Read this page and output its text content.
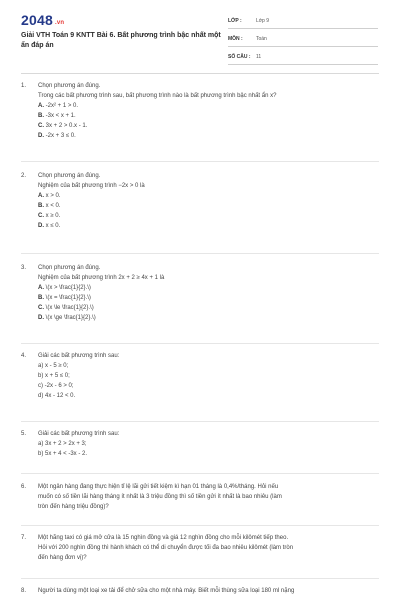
2048 .vn
Giải VTH Toán 9 KNTT Bài 6. Bất phương trình bậc nhất một ẩn đáp án
LỚP :	Lớp 9
MÔN :	Toán
SỐ CÂU : 11
1. Chọn phương án đúng.
Trong các bất phương trình sau, bất phương trình nào là bất phương trình bậc nhất ẩn x?
A. -2x² + 1 > 0.
B. -3x < x + 1.
C. 3x + 2 > 0.x - 1.
D. -2x + 3 ≤ 0.
2. Chọn phương án đúng.
Nghiệm của bất phương trình −2x > 0 là
A. x > 0.
B. x < 0.
C. x ≥ 0.
D. x ≤ 0.
3. Chọn phương án đúng.
Nghiệm của bất phương trình 2x + 2 ≥ 4x + 1 là
A. \(x > \frac{1}{2}.\)
B. \(x = \frac{1}{2}.\)
C. \(x \le \frac{1}{2}.\)
D. \(x \ge \frac{1}{2}.\)
4. Giải các bất phương trình sau:
a) x - 5 ≥ 0;
b) x + 5 ≤ 0;
c) -2x - 6 > 0;
d) 4x - 12 < 0.
5. Giải các bất phương trình sau:
a) 3x + 2 > 2x + 3;
b) 5x + 4 < -3x - 2.
6. Một ngân hàng đang thực hiện tỉ lệ lãi gửi tiết kiệm kì hạn 01 tháng là 0,4%/tháng. Hỏi nếu
muốn có số tiền lãi hàng tháng ít nhất là 3 triệu đồng thì số tiền gửi ít nhất là bao nhiêu (làm
tròn đến hàng triệu đồng)?
7. Một hãng taxi có giá mở cửa là 15 nghìn đồng và giá 12 nghìn đồng cho mỗi kilômét tiếp theo.
Hỏi với 200 nghìn đồng thì hành khách có thể di chuyển được tối đa bao nhiêu kilômét (làm tròn
đến hàng đơn vị)?
8. Người ta dùng một loại xe tải để chở sữa cho một nhà máy. Biết mỗi thùng sữa loại 180 ml nặng
